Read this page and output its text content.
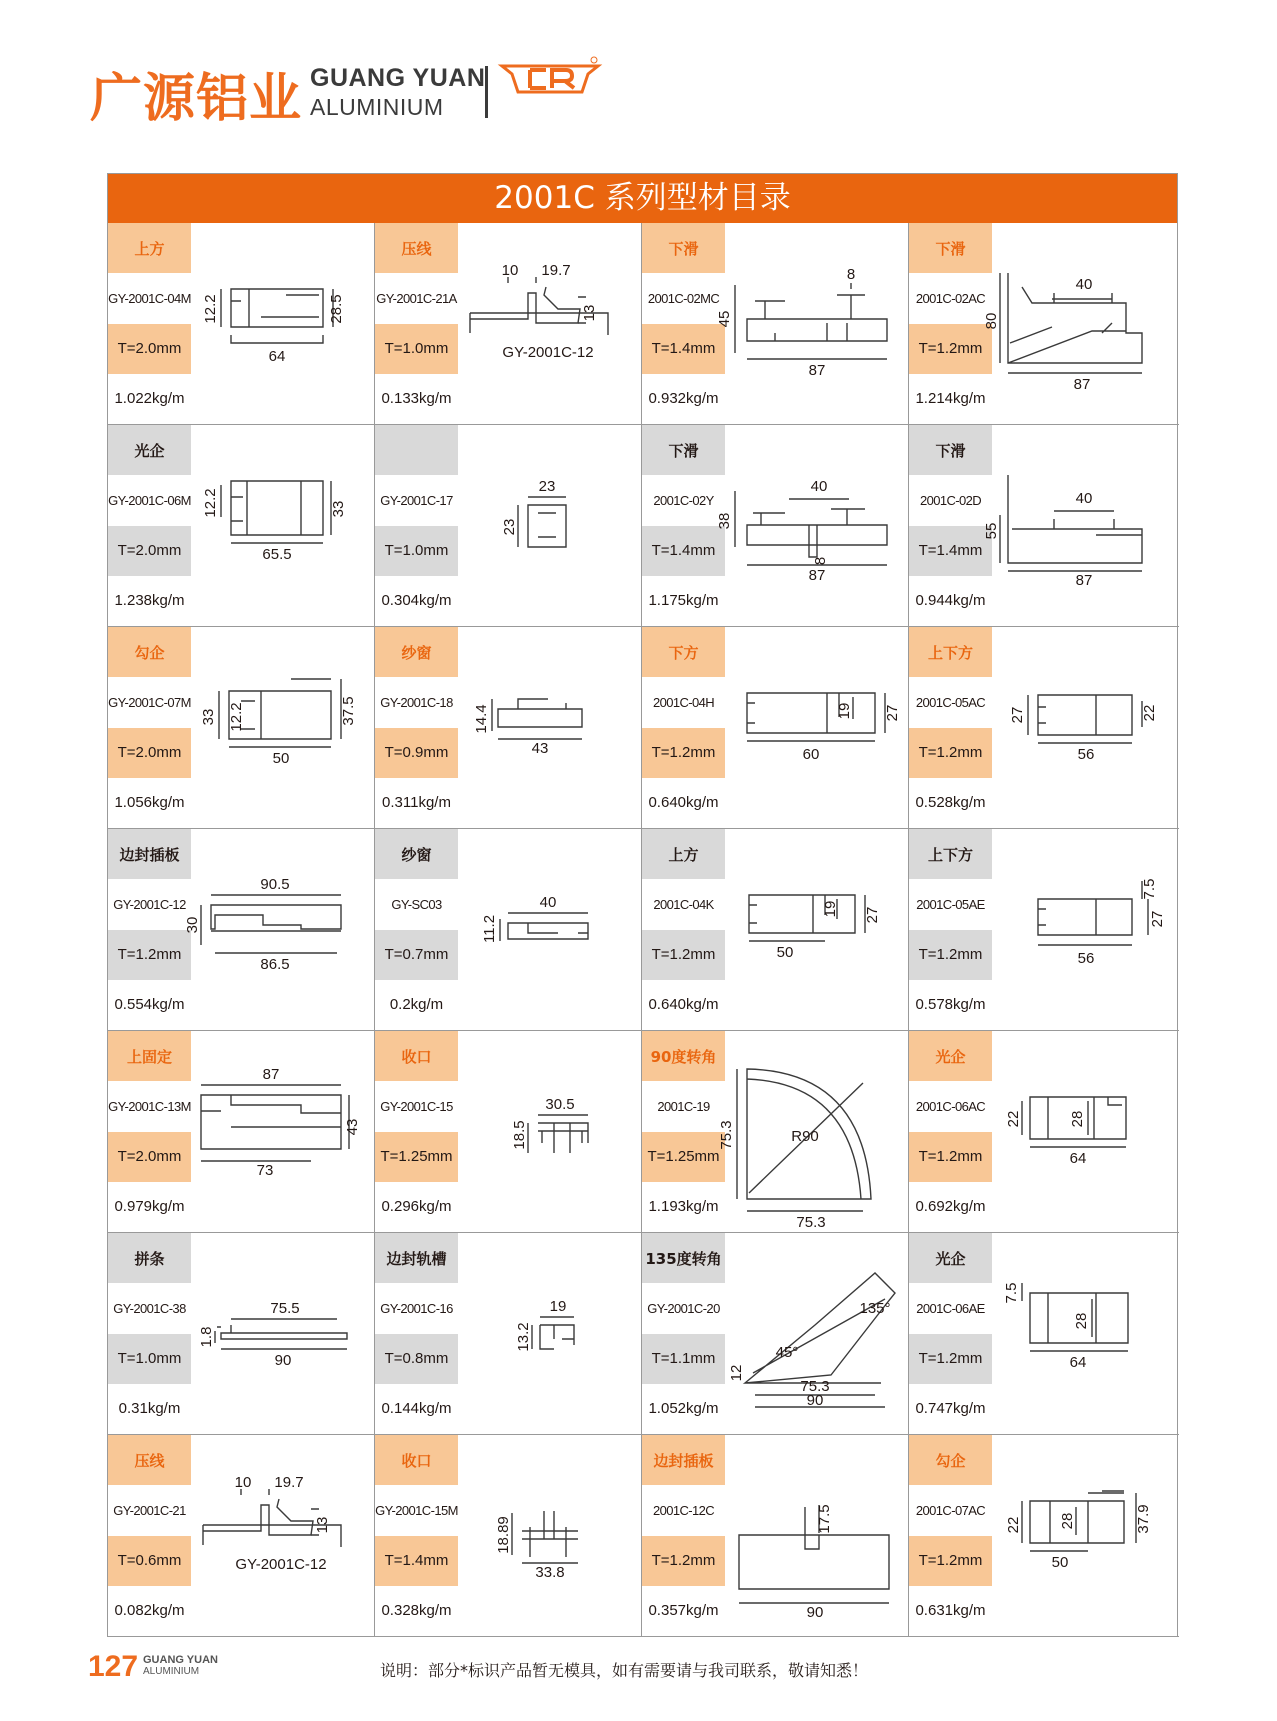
广源铝业 GUANG YUAN
ALUMINIUM
2001C 系列型材目录
上方
GY-2001C-04M
T=2.0mm
1.022kg/m
12.2	28.5
64
压线
GY-2001C-21A
T=1.0mm
0.133kg/m
10 19.7
13
GY-2001C-12
下滑
2001C-02MC
T=1.4mm
0.932kg/m
8
45
87
下滑
2001C-02AC
T=1.2mm
1.214kg/m
40
80
87
光企
GY-2001C-06M
T=2.0mm
1.238kg/m
12.2	33
65.5
GY-2001C-17
T=1.0mm
0.304kg/m
23
23
下滑
2001C-02Y
T=1.4mm
1.175kg/m
40
38
8
87
下滑
2001C-02D
T=1.4mm
0.944kg/m
40
55
87
勾企
GY-2001C-07M
T=2.0mm
1.056kg/m
33 12.2	37.5
50
纱窗
GY-2001C-18
T=0.9mm
0.311kg/m
14.4
43
下方
2001C-04H
T=1.2mm
0.640kg/m
19 27
60
上下方
2001C-05AC
T=1.2mm
0.528kg/m
27	22
56
边封插板
GY-2001C-12
T=1.2mm
0.554kg/m
90.5
30
86.5
纱窗
GY-SC03
T=0.7mm
0.2kg/m
40
11.2
上方
2001C-04K
T=1.2mm
0.640kg/m
19 27
50
上下方
2001C-05AE
T=1.2mm
0.578kg/m
7.5
27
56
上固定
GY-2001C-13M
T=2.0mm
0.979kg/m
87
43
73
收口
GY-2001C-15
T=1.25mm
0.296kg/m
30.5
18.5
90度转角
2001C-19
T=1.25mm
1.193kg/m
75.3	R90
75.3
光企
2001C-06AC
T=1.2mm
0.692kg/m
22	28
64
拼条
GY-2001C-38
T=1.0mm
0.31kg/m
75.5
1.8
90
边封轨槽
GY-2001C-16
T=0.8mm
0.144kg/m
19
13.2
135度转角
GY-2001C-20
T=1.1mm
1.052kg/m
135°
45°
12
75.3
90
光企
2001C-06AE
T=1.2mm
0.747kg/m
7.5
28
64
压线
GY-2001C-21
T=0.6mm
0.082kg/m
10 19.7
13
GY-2001C-12
收口
GY-2001C-15M
T=1.4mm
0.328kg/m
18.89
33.8
边封插板
2001C-12C
T=1.2mm
0.357kg/m
17.5
90
勾企
2001C-07AC
T=1.2mm
0.631kg/m
22 28	37.9
50
127 GUANG YUAN
ALUMINIUM	说明：部分*标识产品暂无模具，如有需要请与我司联系，敬请知悉！
